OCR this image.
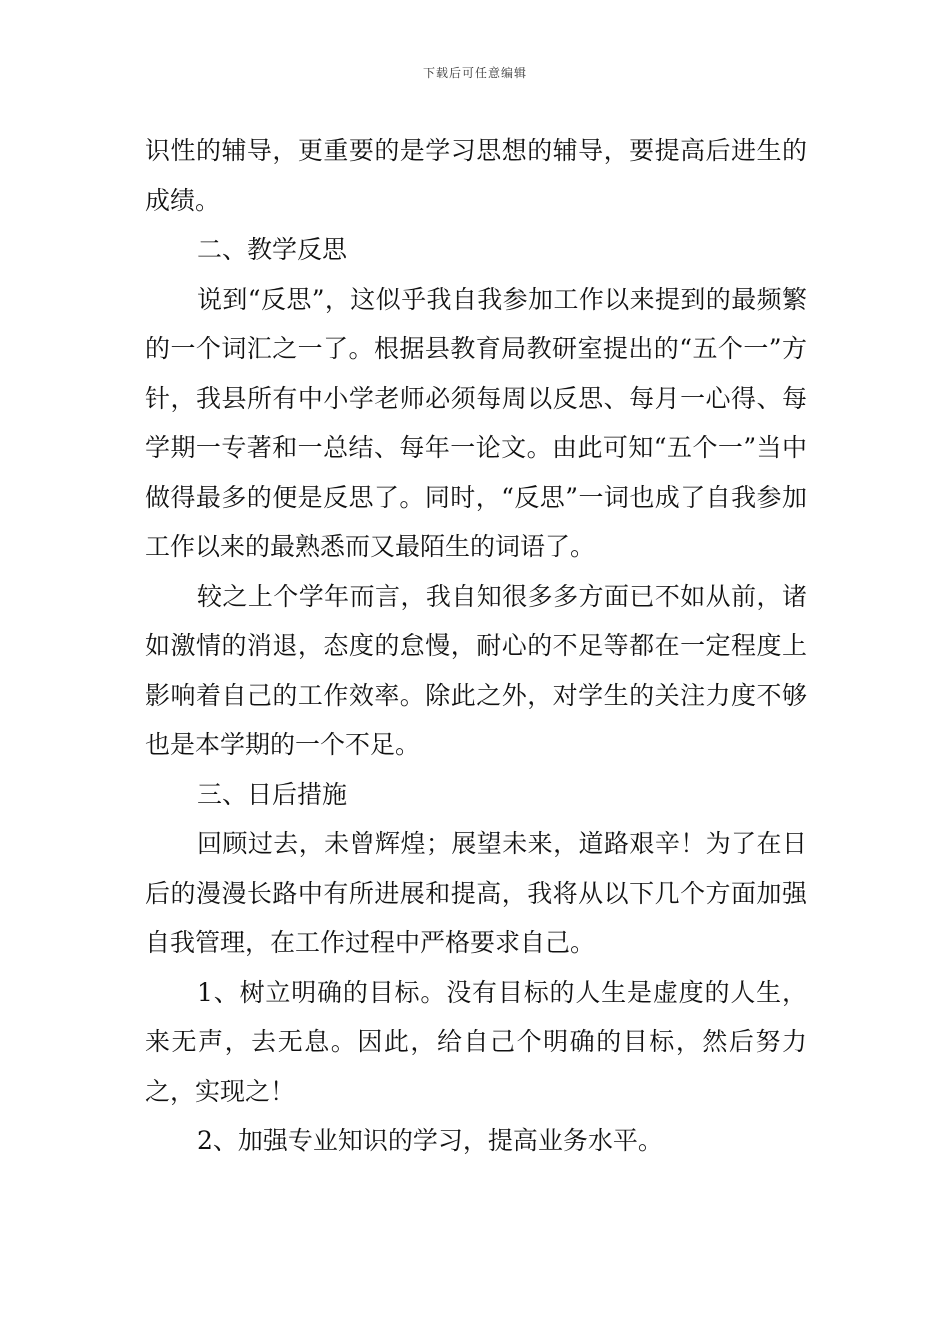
下载后可任意编辑

识性的辅导，更重要的是学习思想的辅导，要提高后进生的成绩。

二、教学反思

说到“反思”，这似乎我自我参加工作以来提到的最频繁的一个词汇之一了。根据县教育局教研室提出的“五个一”方针，我县所有中小学老师必须每周以反思、每月一心得、每学期一专著和一总结、每年一论文。由此可知“五个一”当中做得最多的便是反思了。同时，“反思”一词也成了自我参加工作以来的最熟悉而又最陌生的词语了。

较之上个学年而言，我自知很多多方面已不如从前，诸如激情的消退，态度的怠慢，耐心的不足等都在一定程度上影响着自己的工作效率。除此之外，对学生的关注力度不够也是本学期的一个不足。

三、日后措施

回顾过去，未曾辉煌；展望未来，道路艰辛！为了在日后的漫漫长路中有所进展和提高，我将从以下几个方面加强自我管理，在工作过程中严格要求自己。

1、树立明确的目标。没有目标的人生是虚度的人生，来无声，去无息。因此，给自己个明确的目标，然后努力之，实现之！

2、加强专业知识的学习，提高业务水平。
